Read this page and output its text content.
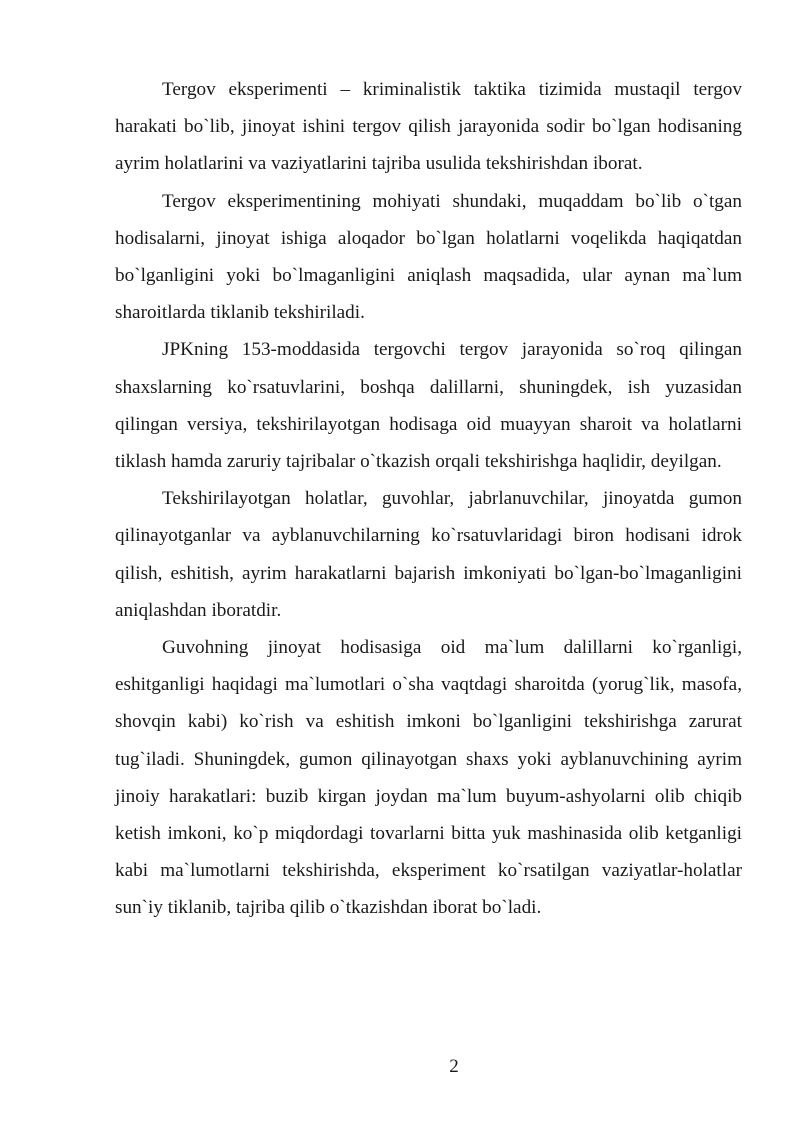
Tergov eksperimenti – kriminalistik taktika tizimida mustaqil tergov harakati bo`lib, jinoyat ishini tergov qilish jarayonida sodir bo`lgan hodisaning ayrim holatlarini va vaziyatlarini tajriba usulida tekshirishdan iborat.

Tergov eksperimentining mohiyati shundaki, muqaddam bo`lib o`tgan hodisalarni, jinoyat ishiga aloqador bo`lgan holatlarni voqelikda haqiqatdan bo`lganligini yoki bo`lmaganligini aniqlash maqsadida, ular aynan ma`lum sharoitlarda tiklanib tekshiriladi.

JPKning 153-moddasida tergovchi tergov jarayonida so`roq qilingan shaxslarning ko`rsatuvlarini, boshqa dalillarni, shuningdek, ish yuzasidan qilingan versiya, tekshirilayotgan hodisaga oid muayyan sharoit va holatlarni tiklash hamda zaruriy tajribalar o`tkazish orqali tekshirishga haqlidir, deyilgan.

Tekshirilayotgan holatlar, guvohlar, jabrlanuvchilar, jinoyatda gumon qilinayotganlar va ayblanuvchilarning ko`rsatuvlaridagi biron hodisani idrok qilish, eshitish, ayrim harakatlarni bajarish imkoniyati bo`lgan-bo`lmaganligini aniqlashdan iboratdir.

Guvohning jinoyat hodisasiga oid ma`lum dalillarni ko`rganligi, eshitganligi haqidagi ma`lumotlari o`sha vaqtdagi sharoitda (yorug`lik, masofa, shovqin kabi) ko`rish va eshitish imkoni bo`lganligini tekshirishga zarurat tug`iladi. Shuningdek, gumon qilinayotgan shaxs yoki ayblanuvchining ayrim jinoiy harakatlari: buzib kirgan joydan ma`lum buyum-ashyolarni olib chiqib ketish imkoni, ko`p miqdordagi tovarlarni bitta yuk mashinasida olib ketganligi kabi ma`lumotlarni tekshirishda, eksperiment ko`rsatilgan vaziyatlar-holatlar sun`iy tiklanib, tajriba qilib o`tkazishdan iborat bo`ladi.

2
